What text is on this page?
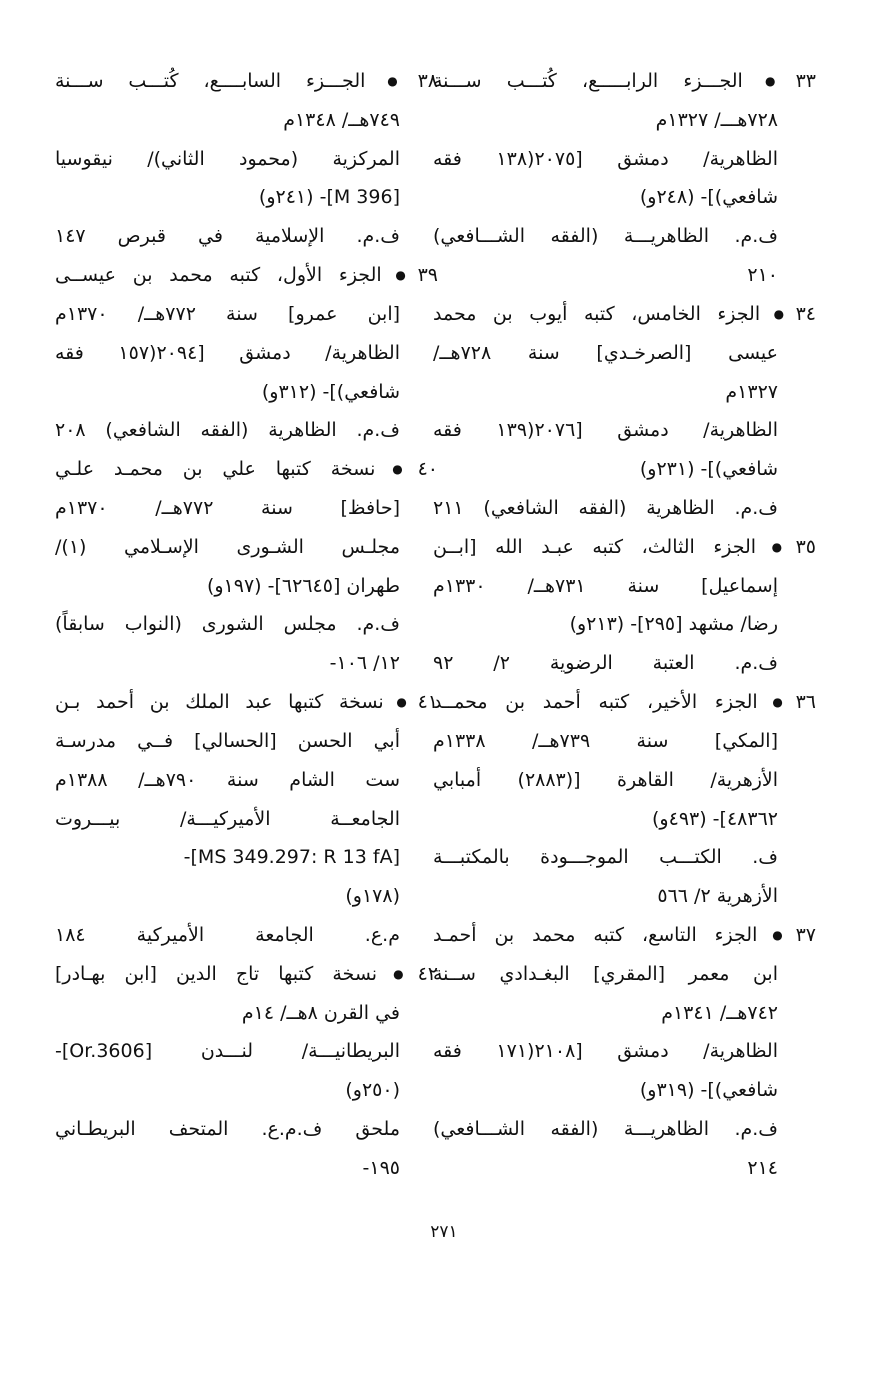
٣٣●الجـــزء الرابـــــع، كُتـــب ســـنة
٧٢٨هـــ/ ١٣٢٧م
الظاهرية/ دمشق [٢٠٧٥(١٣٨ فقه
شافعي)]- (٢٤٨و)
ف.م. الظاهريـــة (الفقه الشـــافعي)
٢١٠
٣٤●الجزء الخامس، كتبه أيوب بن محمد
عيسى [الصرخـدي] سنة ٧٢٨هــ/
١٣٢٧م
الظاهرية/ دمشق [٢٠٧٦(١٣٩ فقه
شافعي)]- (٢٣١و)
ف.م. الظاهرية (الفقه الشافعي) ٢١١
٣٥●الجزء الثالث، كتبه عبـد الله [ابــن
إسماعيل] سنة ٧٣١هــ/ ١٣٣٠م
رضا/ مشهد [٢٩٥]- (٢١٣و)
ف.م. العتبة الرضوية ٢/ ٩٢
٣٦●الجزء الأخير، كتبه أحمد بن محمــد
[المكي] سنة ٧٣٩هــ/ ١٣٣٨م
الأزهرية/ القاهرة [(٢٨٨٣) أمبابي
٤٨٣٦٢]- (٤٩٣و)
ف. الكتـــب الموجـــودة بالمكتبـــة
الأزهرية ٢/ ٥٦٦
٣٧●الجزء التاسع، كتبه محمد بن أحمـد
ابن معمر [المقري] البغـدادي ســنة
٧٤٢هــ/ ١٣٤١م
الظاهرية/ دمشق [٢١٠٨(١٧١ فقه
شافعي)]- (٣١٩و)
ف.م. الظاهريـــة (الفقه الشـــافعي)
٢١٤
٣٨●الجـــزء السابــــع، كُتـــب ســـنة
٧٤٩هــ/ ١٣٤٨م
المركزية (محمود الثاني)/ نيقوسيا
[M 396]- (٢٤١و)
ف.م. الإسلامية في قبرص ١٤٧
٣٩●الجزء الأول، كتبه محمد بن عيســى
[ابن عمرو] سنة ٧٧٢هــ/ ١٣٧٠م
الظاهرية/ دمشق [٢٠٩٤(١٥٧ فقه
شافعي)]- (٣١٢و)
ف.م. الظاهرية (الفقه الشافعي) ٢٠٨
٤٠●نسخة كتبها علي بن محمـد علـي
[حافظ] سنة ٧٧٢هــ/ ١٣٧٠م
مجلـس الشـورى الإسـلامي (١)/
طهران [٦٢٦٤٥]- (١٩٧و)
ف.م. مجلس الشورى (النواب سابقاً)
١٢/ ١٠٦-
٤١●نسخة كتبها عبد الملك بن أحمد بـن
أبي الحسن [الحسالي] فــي مدرسـة
ست الشام سنة ٧٩٠هــ/ ١٣٨٨م
الجامعــة الأميركيـــة/ بيـــروت
[MS 349.297: R 13 fA]-
(١٧٨و)
م.ع. الجامعة الأميركية ١٨٤
٤٢●نسخة كتبها تاج الدين [ابن بهـادر]
في القرن ٨هــ/ ١٤م
البريطانيـــة/ لنـــدن [Or.3606]-
(٢٥٠و)
ملحق ف.م.ع. المتحف البريطـاني
١٩٥-
٢٧١
